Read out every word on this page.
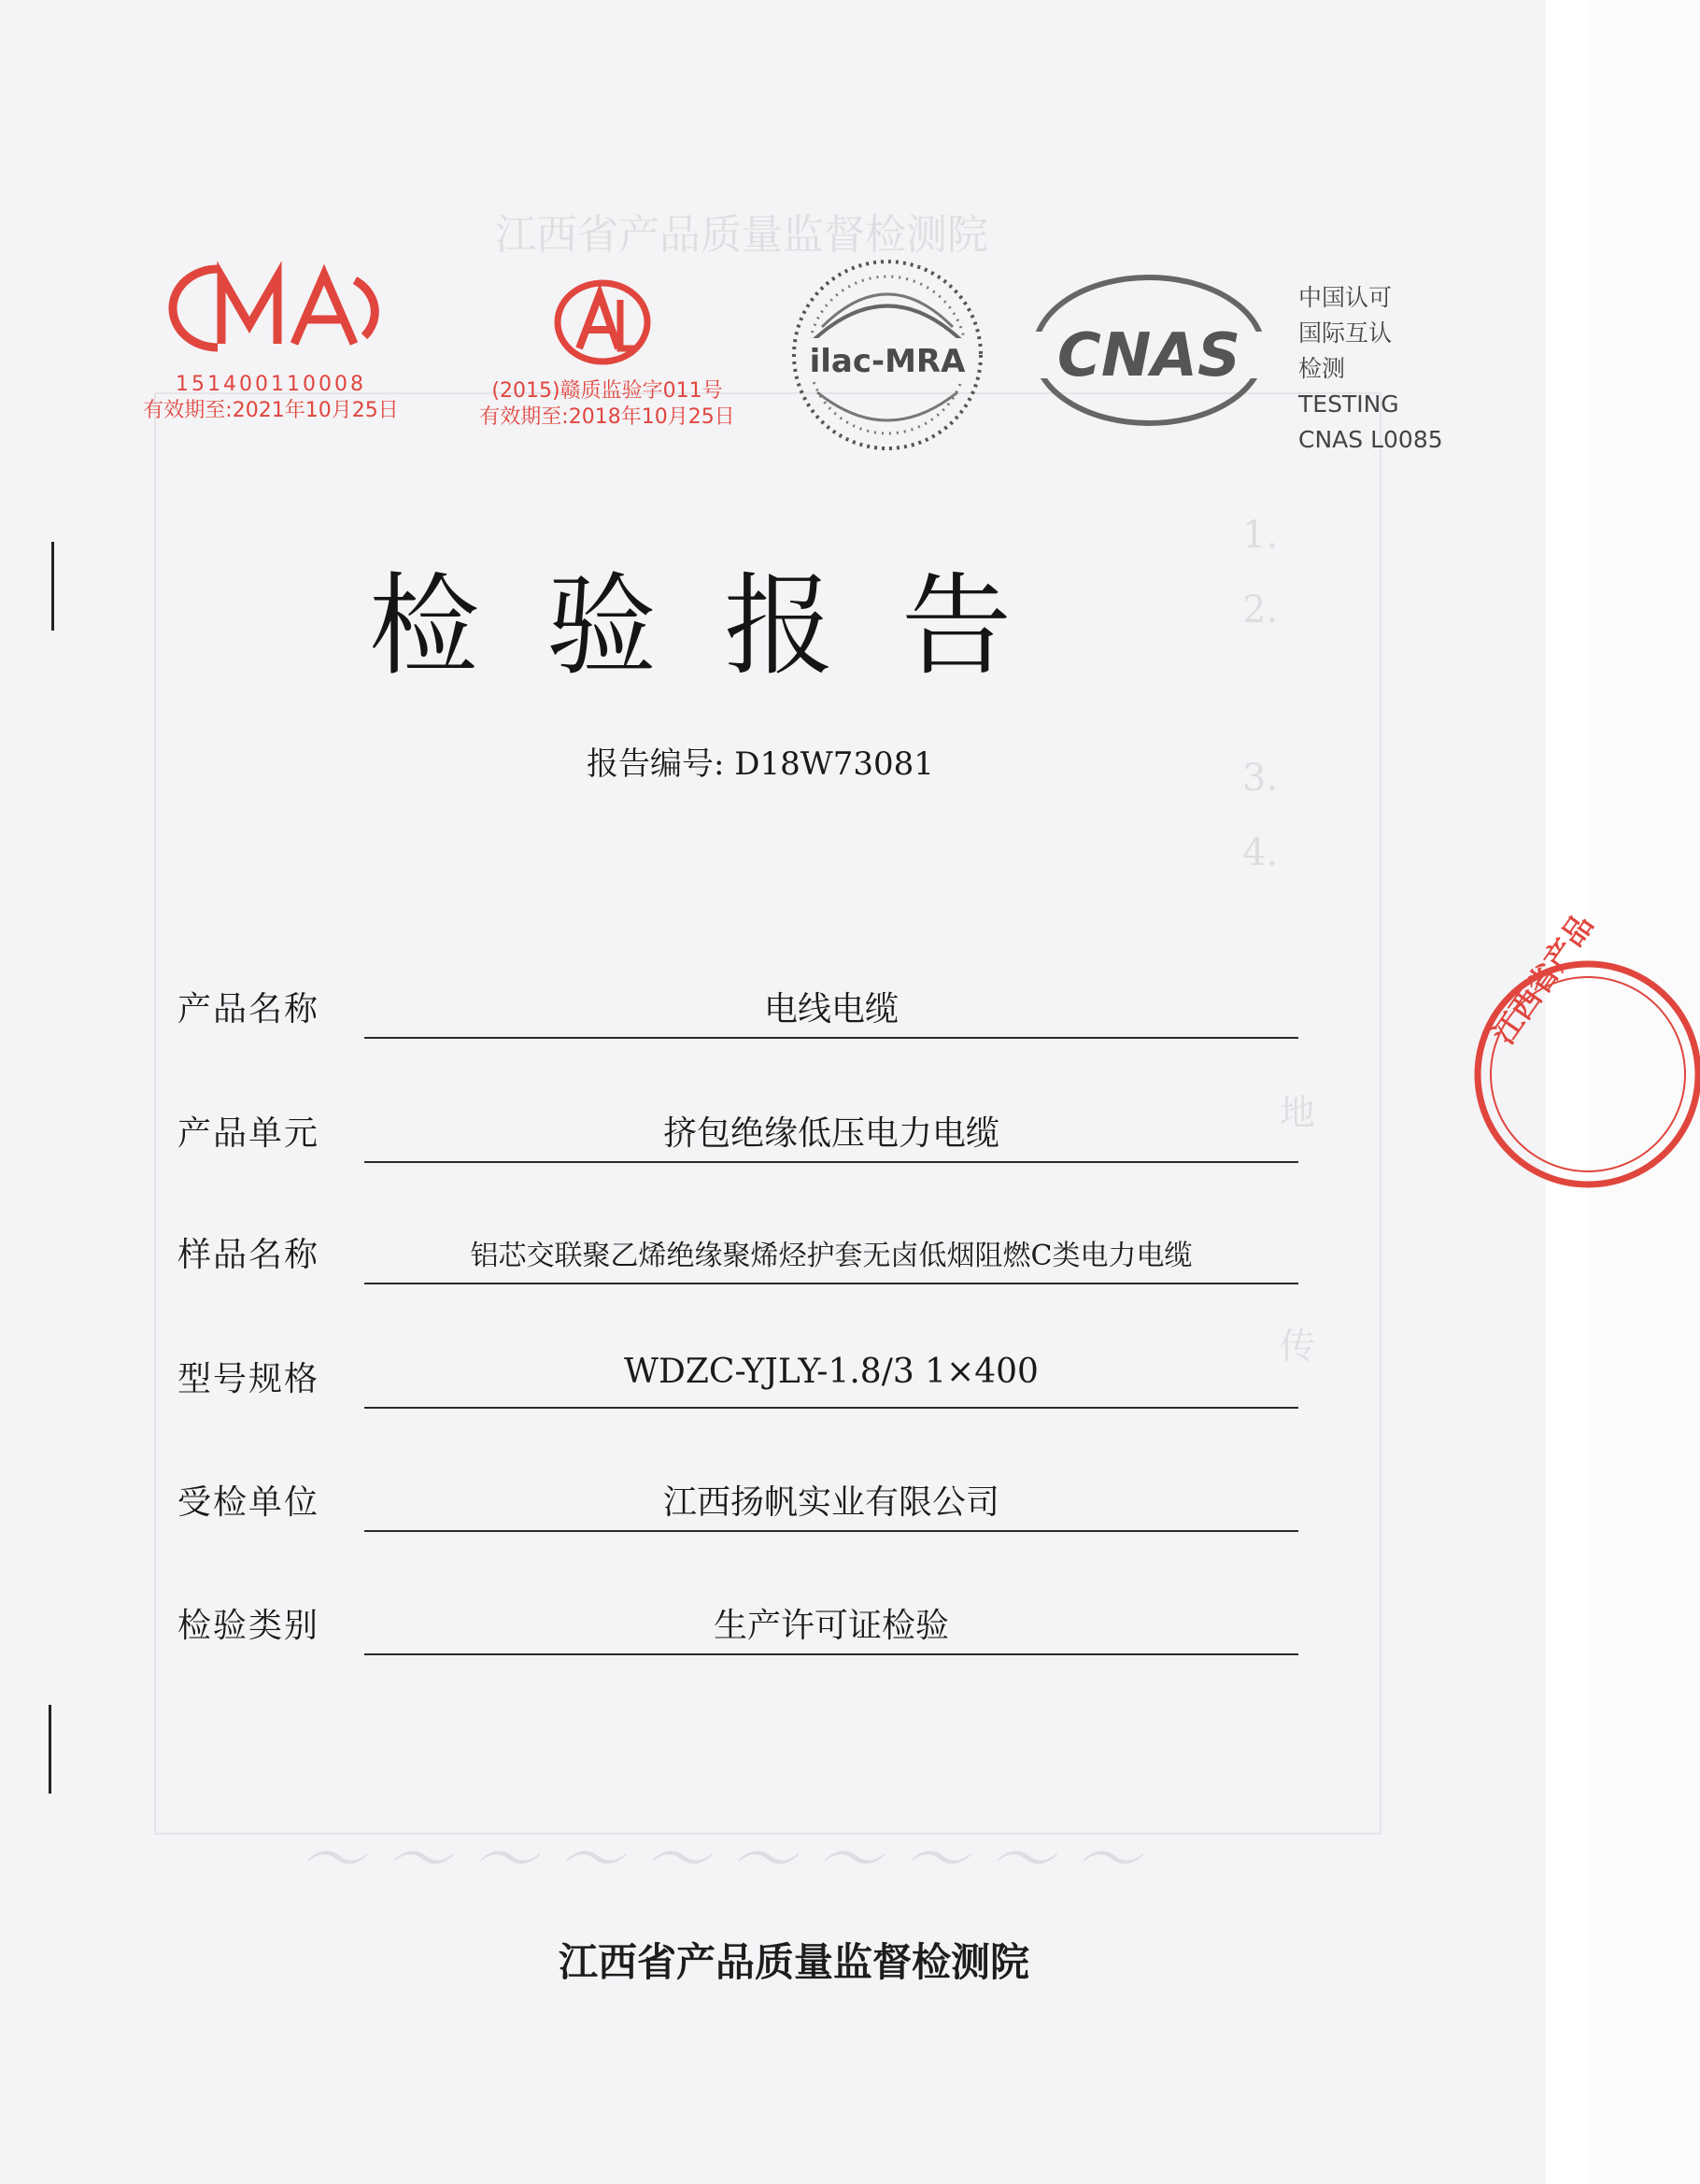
江西省产品质量监督检测院
1.
2.
3.
4.
地
传
151400110008
有效期至:2021年10月25日
(2015)赣质监验字011号
有效期至:2018年10月25日
ilac-MRA CNAS
中国认可
国际互认
检测
TESTING
CNAS L0085
检验报告
报告编号: D18W73081
产品名称	电线电缆
产品单元	挤包绝缘低压电力电缆
样品名称	铝芯交联聚乙烯绝缘聚烯烃护套无卤低烟阻燃C类电力电缆
型号规格	WDZC-YJLY-1.8/3 1×400
受检单位	江西扬帆实业有限公司
检验类别	生产许可证检验
～ ～ ～ ～ ～ ～ ～ ～ ～ ～
江西省产品质量监督检测院
江西省产品
